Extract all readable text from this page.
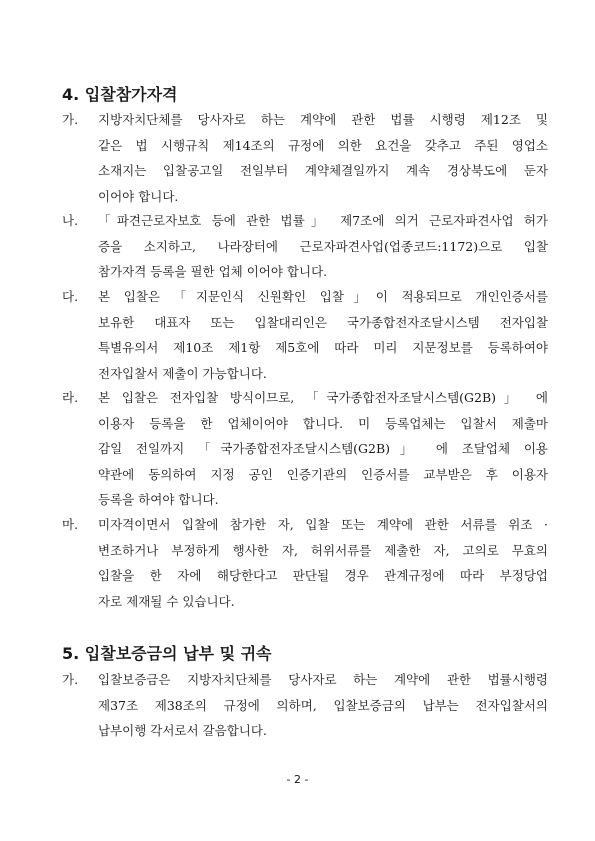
4. 입찰참가자격
가.	지방자치단체를 당사자로 하는 계약에 관한 법률 시행령 제12조 및
같은 법 시행규칙 제14조의 규정에 의한 요건을 갖추고 주된 영업소
소재지는 입찰공고일 전일부터 계약체결일까지 계속 경상북도에 둔자
이어야 합니다.
나.	「파견근로자보호 등에 관한 법률」 제7조에 의거 근로자파견사업 허가
증을 소지하고, 나라장터에 근로자파견사업(업종코드:1172)으로 입찰
참가자격 등록을 필한 업체 이어야 합니다.
다.	본 입찰은 「지문인식 신원확인 입찰」이 적용되므로 개인인증서를
보유한 대표자 또는 입찰대리인은 국가종합전자조달시스템 전자입찰
특별유의서 제10조 제1항 제5호에 따라 미리 지문정보를 등록하여야
전자입찰서 제출이 가능합니다.
라.	본 입찰은 전자입찰 방식이므로, 「국가종합전자조달시스템(G2B)」 에
이용자 등록을 한 업체이어야 합니다. 미 등록업체는 입찰서 제출마
감일 전일까지 「국가종합전자조달시스템(G2B)」 에 조달업체 이용
약관에 동의하여 지정 공인 인증기관의 인증서를 교부받은 후 이용자
등록을 하여야 합니다.
마.	미자격이면서 입찰에 참가한 자, 입찰 또는 계약에 관한 서류를 위조 ·
변조하거나 부정하게 행사한 자, 허위서류를 제출한 자, 고의로 무효의
입찰을 한 자에 해당한다고 판단될 경우 관계규정에 따라 부정당업
자로 제재될 수 있습니다.
5. 입찰보증금의 납부 및 귀속
가.	입찰보증금은 지방자치단체를 당사자로 하는 계약에 관한 법률시행령
제37조 제38조의 규정에 의하며, 입찰보증금의 납부는 전자입찰서의
납부이행 각서로서 갈음합니다.
- 2 -
